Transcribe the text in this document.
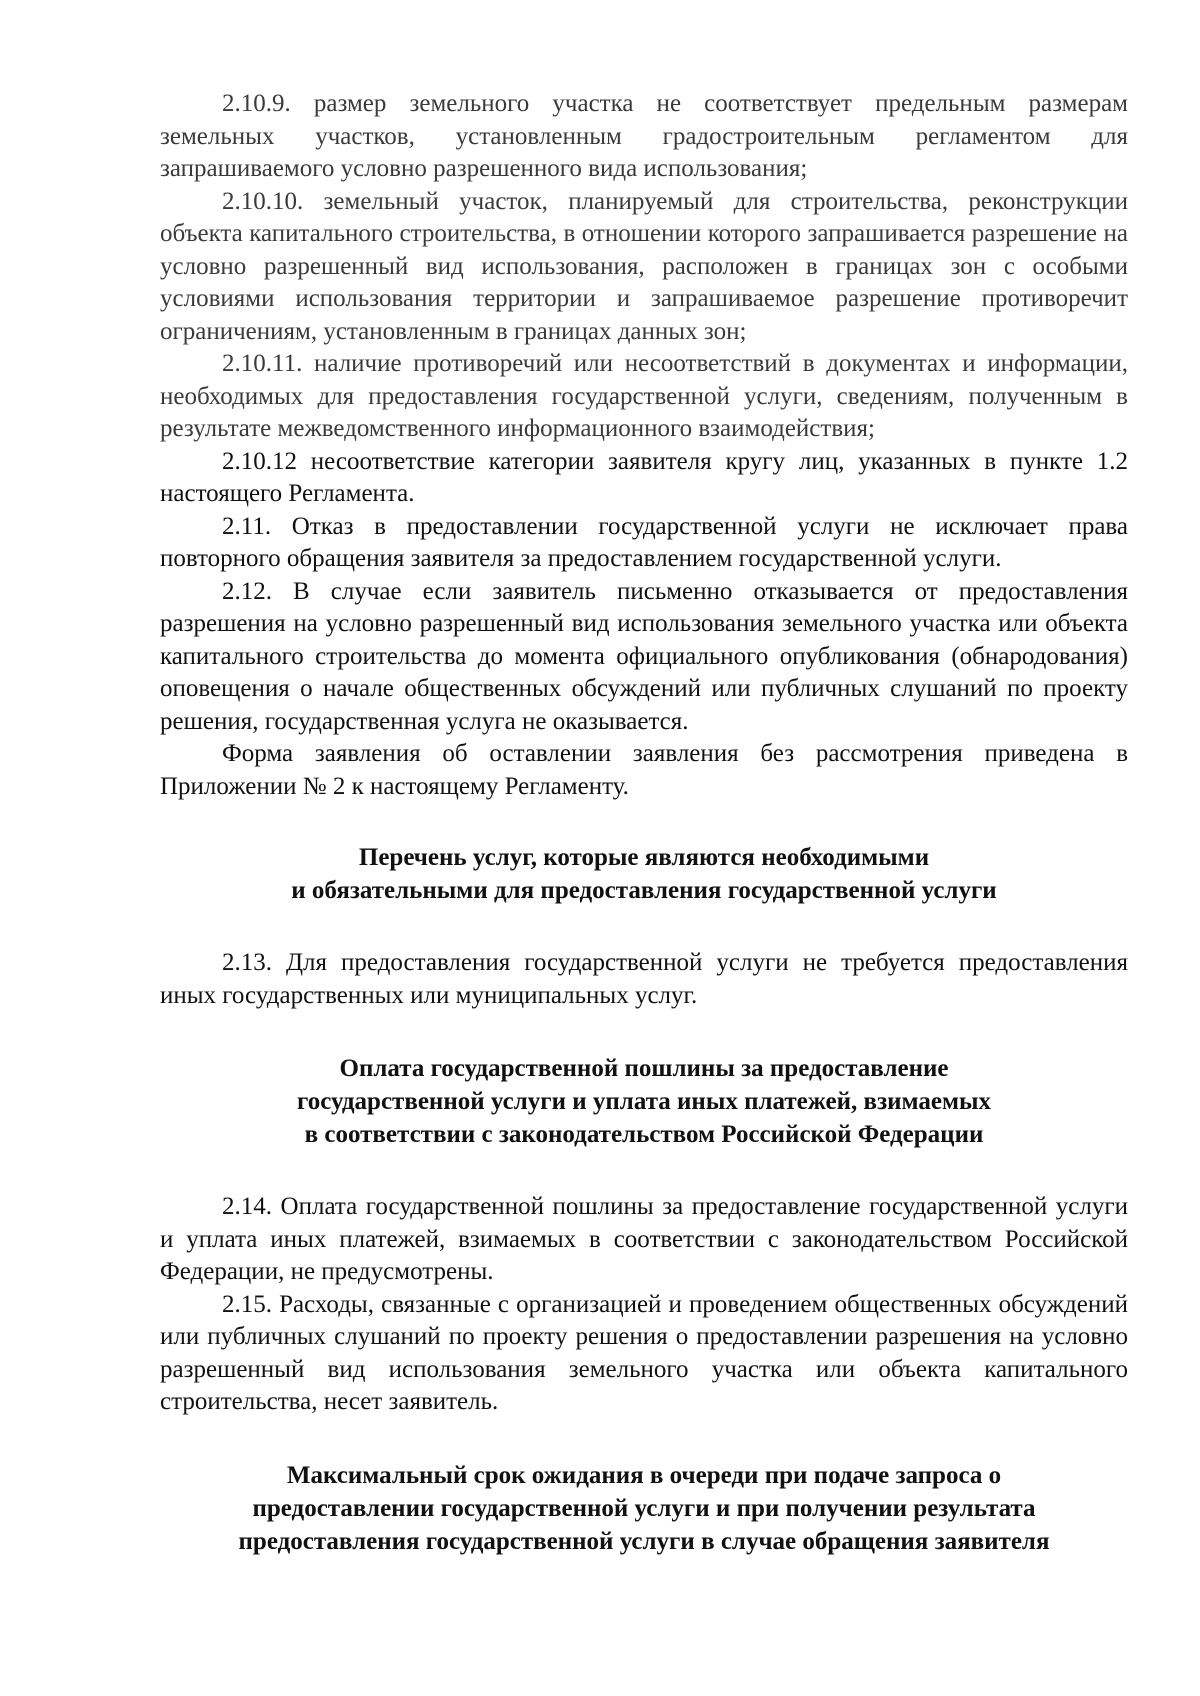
2.10.9. размер земельного участка не соответствует предельным размерам земельных участков, установленным градостроительным регламентом для запрашиваемого условно разрешенного вида использования;

2.10.10. земельный участок, планируемый для строительства, реконструкции объекта капитального строительства, в отношении которого запрашивается разрешение на условно разрешенный вид использования, расположен в границах зон с особыми условиями использования территории и запрашиваемое разрешение противоречит ограничениям, установленным в границах данных зон;

2.10.11. наличие противоречий или несоответствий в документах и информации, необходимых для предоставления государственной услуги, сведениям, полученным в результате межведомственного информационного взаимодействия;

2.10.12 несоответствие категории заявителя кругу лиц, указанных в пункте 1.2 настоящего Регламента.

2.11. Отказ в предоставлении государственной услуги не исключает права повторного обращения заявителя за предоставлением государственной услуги.

2.12. В случае если заявитель письменно отказывается от предоставления разрешения на условно разрешенный вид использования земельного участка или объекта капитального строительства до момента официального опубликования (обнародования) оповещения о начале общественных обсуждений или публичных слушаний по проекту решения, государственная услуга не оказывается.

Форма заявления об оставлении заявления без рассмотрения приведена в Приложении № 2 к настоящему Регламенту.

Перечень услуг, которые являются необходимыми
и обязательными для предоставления государственной услуги

2.13. Для предоставления государственной услуги не требуется предоставления иных государственных или муниципальных услуг.

Оплата государственной пошлины за предоставление
государственной услуги и уплата иных платежей, взимаемых
в соответствии с законодательством Российской Федерации

2.14. Оплата государственной пошлины за предоставление государственной услуги и уплата иных платежей, взимаемых в соответствии с законодательством Российской Федерации, не предусмотрены.

2.15. Расходы, связанные с организацией и проведением общественных обсуждений или публичных слушаний по проекту решения о предоставлении разрешения на условно разрешенный вид использования земельного участка или объекта капитального строительства, несет заявитель.

Максимальный срок ожидания в очереди при подаче запроса о
предоставлении государственной услуги и при получении результата
предоставления государственной услуги в случае обращения заявителя
